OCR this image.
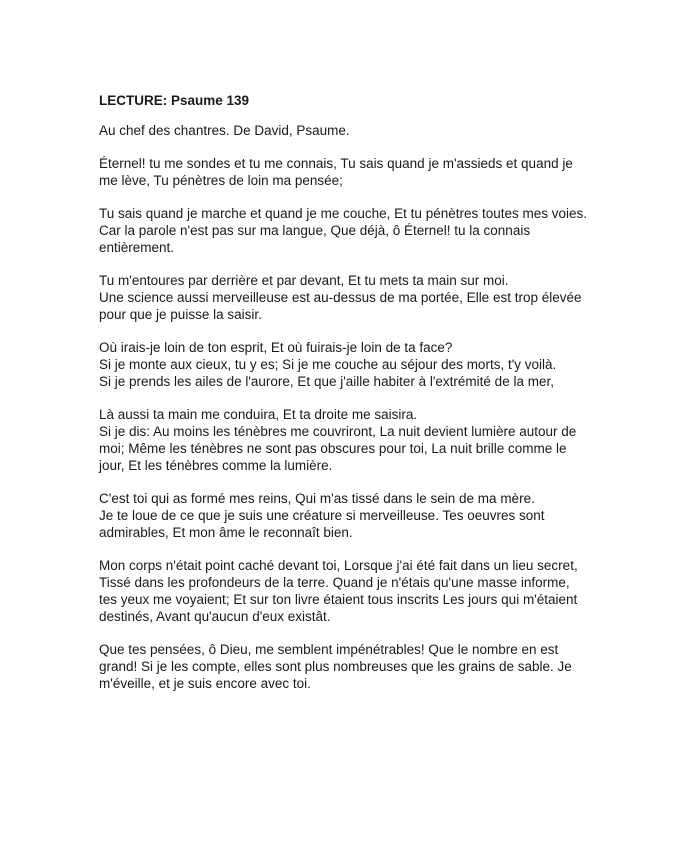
LECTURE: Psaume 139
Au chef des chantres. De David, Psaume.
Éternel! tu me sondes et tu me connais, Tu sais quand je m'assieds et quand je
me lève, Tu pénètres de loin ma pensée;
Tu sais quand je marche et quand je me couche, Et tu pénètres toutes mes voies.
Car la parole n'est pas sur ma langue, Que déjà, ô Éternel! tu la connais
entièrement.
Tu m'entoures par derrière et par devant, Et tu mets ta main sur moi.
Une science aussi merveilleuse est au-dessus de ma portée, Elle est trop élevée
pour que je puisse la saisir.
Où irais-je loin de ton esprit, Et où fuirais-je loin de ta face?
Si je monte aux cieux, tu y es; Si je me couche au séjour des morts, t'y voilà.
Si je prends les ailes de l'aurore, Et que j'aille habiter à l'extrémité de la mer,
Là aussi ta main me conduira, Et ta droite me saisira.
Si je dis: Au moins les ténèbres me couvriront, La nuit devient lumière autour de
moi; Même les ténèbres ne sont pas obscures pour toi, La nuit brille comme le
jour, Et les ténèbres comme la lumière.
C'est toi qui as formé mes reins, Qui m'as tissé dans le sein de ma mère.
Je te loue de ce que je suis une créature si merveilleuse. Tes oeuvres sont
admirables, Et mon âme le reconnaît bien.
Mon corps n'était point caché devant toi, Lorsque j'ai été fait dans un lieu secret,
Tissé dans les profondeurs de la terre. Quand je n'étais qu'une masse informe,
tes yeux me voyaient; Et sur ton livre étaient tous inscrits Les jours qui m'étaient
destinés, Avant qu'aucun d'eux existât.
Que tes pensées, ô Dieu, me semblent impénétrables! Que le nombre en est
grand! Si je les compte, elles sont plus nombreuses que les grains de sable. Je
m'éveille, et je suis encore avec toi.
